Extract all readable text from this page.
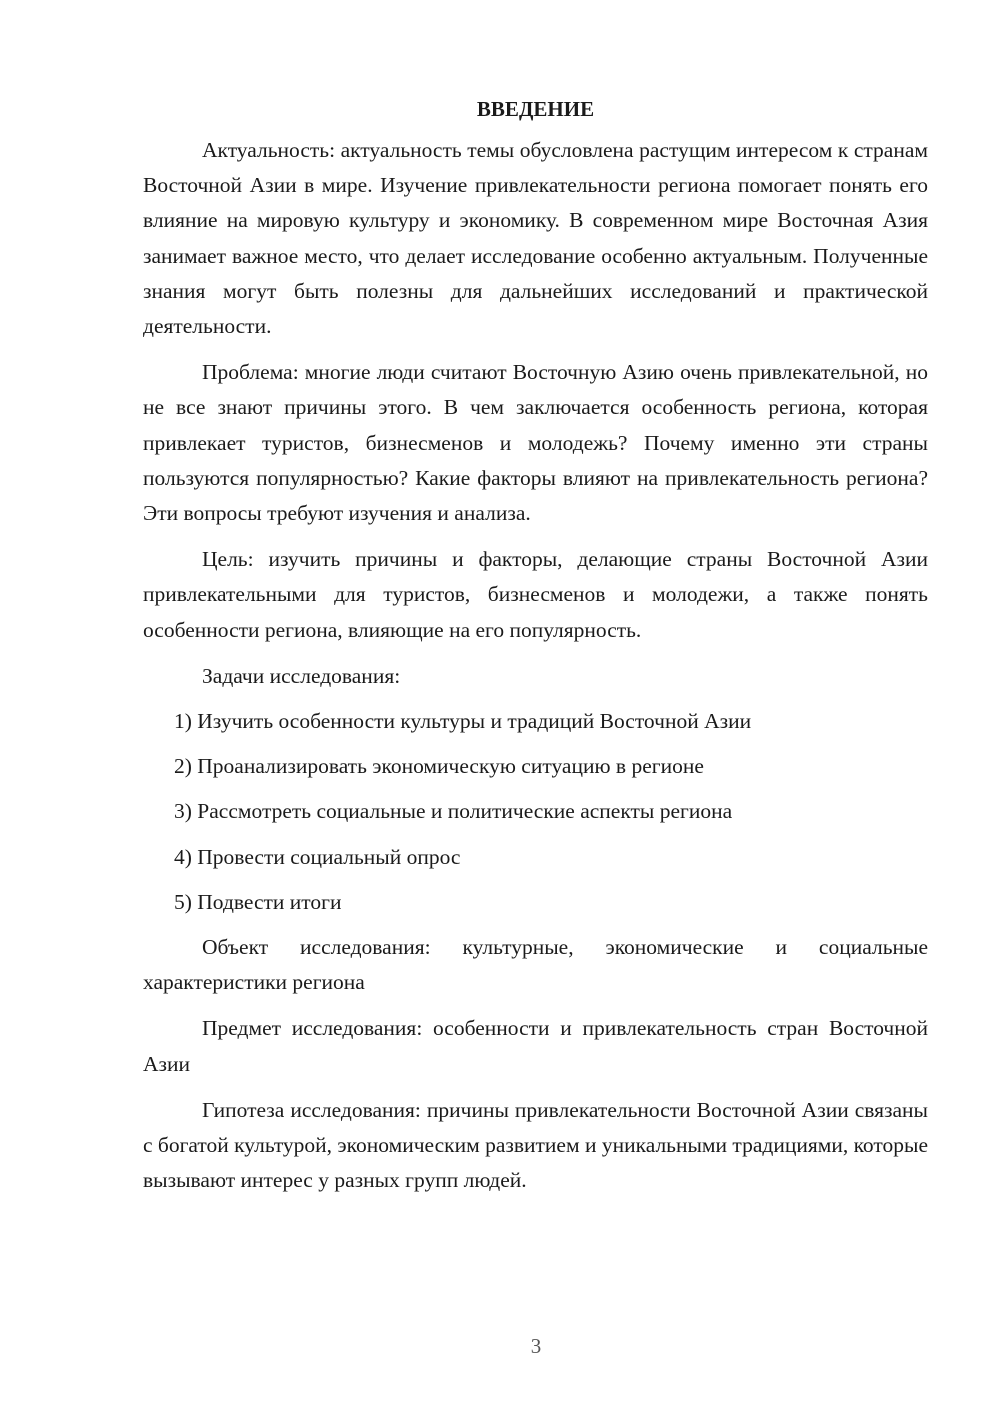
ВВЕДЕНИЕ

Актуальность: актуальность темы обусловлена растущим интересом к странам Восточной Азии в мире. Изучение привлекательности региона помогает понять его влияние на мировую культуру и экономику. В современном мире Восточная Азия занимает важное место, что делает исследование особенно актуальным. Полученные знания могут быть полезны для дальнейших исследований и практической деятельности.

Проблема: многие люди считают Восточную Азию очень привлекательной, но не все знают причины этого. В чем заключается особенность региона, которая привлекает туристов, бизнесменов и молодежь? Почему именно эти страны пользуются популярностью? Какие факторы влияют на привлекательность региона? Эти вопросы требуют изучения и анализа.

Цель: изучить причины и факторы, делающие страны Восточной Азии привлекательными для туристов, бизнесменов и молодежи, а также понять особенности региона, влияющие на его популярность.

Задачи исследования:

1) Изучить особенности культуры и традиций Восточной Азии
2) Проанализировать экономическую ситуацию в регионе
3) Рассмотреть социальные и политические аспекты региона
4) Провести социальный опрос
5) Подвести итоги

Объект исследования: культурные, экономические и социальные характеристики региона

Предмет исследования: особенности и привлекательность стран Восточной Азии

Гипотеза исследования: причины привлекательности Восточной Азии связаны с богатой культурой, экономическим развитием и уникальными традициями, которые вызывают интерес у разных групп людей.

3
